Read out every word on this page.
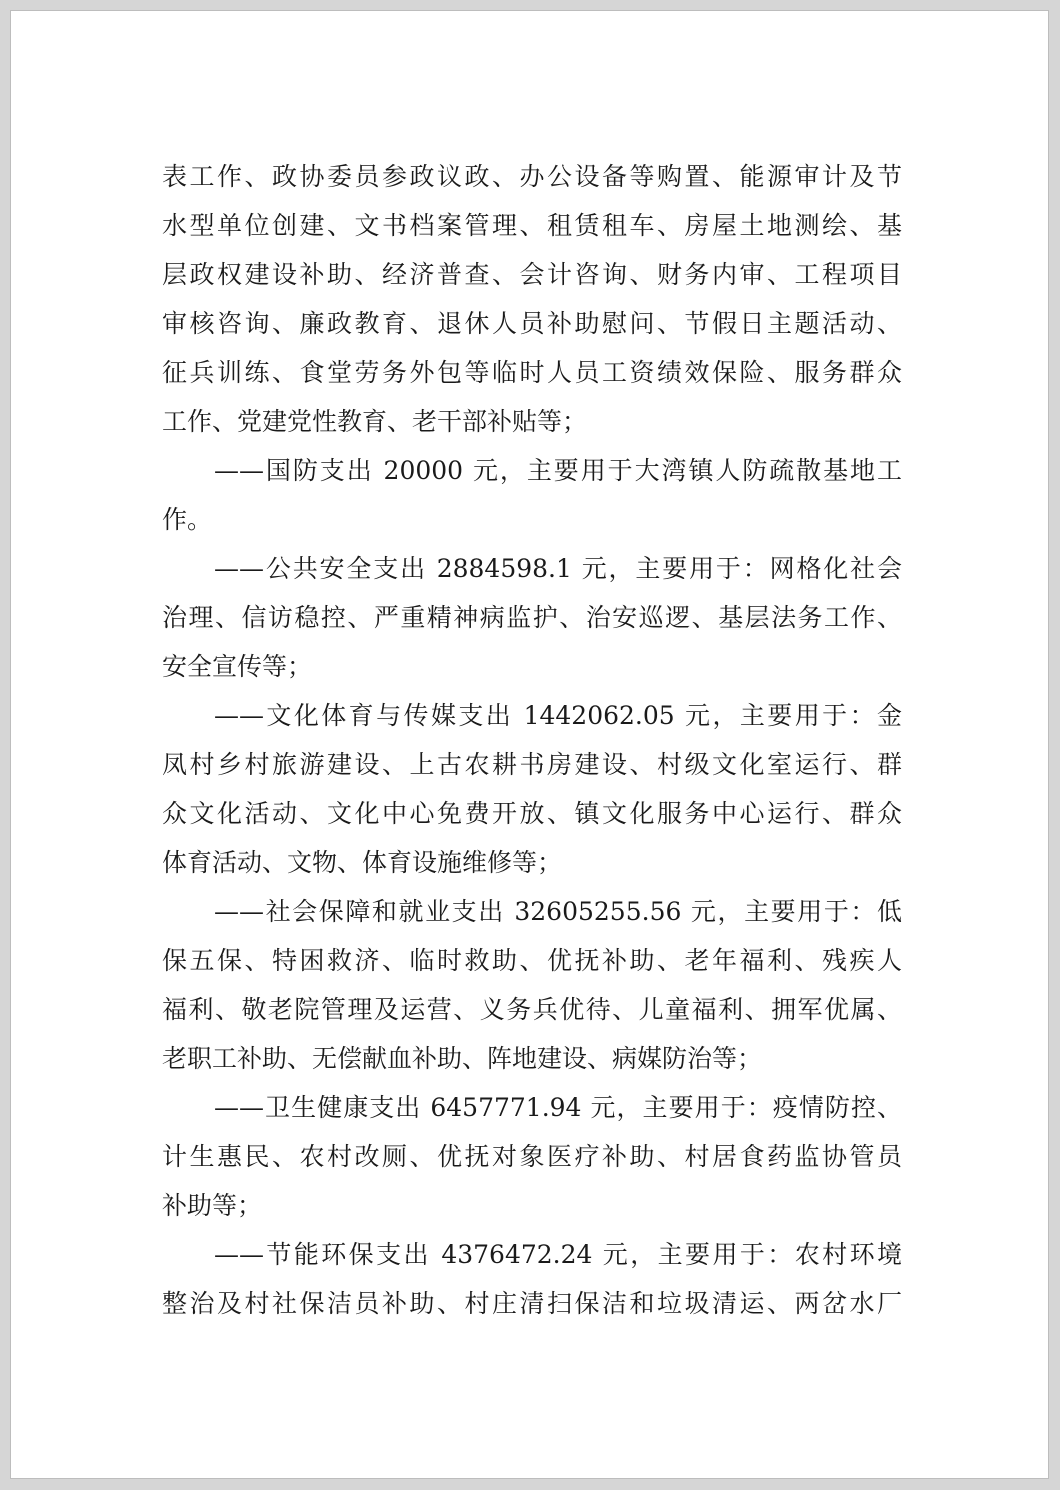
表工作、政协委员参政议政、办公设备等购置、能源审计及节
水型单位创建、文书档案管理、租赁租车、房屋土地测绘、基
层政权建设补助、经济普查、会计咨询、财务内审、工程项目
审核咨询、廉政教育、退休人员补助慰问、节假日主题活动、
征兵训练、食堂劳务外包等临时人员工资绩效保险、服务群众
工作、党建党性教育、老干部补贴等；
——国防支出 20000 元，主要用于大湾镇人防疏散基地工
作。
——公共安全支出 2884598.1 元，主要用于：网格化社会
治理、信访稳控、严重精神病监护、治安巡逻、基层法务工作、
安全宣传等；
——文化体育与传媒支出 1442062.05 元，主要用于：金
凤村乡村旅游建设、上古农耕书房建设、村级文化室运行、群
众文化活动、文化中心免费开放、镇文化服务中心运行、群众
体育活动、文物、体育设施维修等；
——社会保障和就业支出 32605255.56 元，主要用于：低
保五保、特困救济、临时救助、优抚补助、老年福利、残疾人
福利、敬老院管理及运营、义务兵优待、儿童福利、拥军优属、
老职工补助、无偿献血补助、阵地建设、病媒防治等；
——卫生健康支出 6457771.94 元，主要用于：疫情防控、
计生惠民、农村改厕、优抚对象医疗补助、村居食药监协管员
补助等；
——节能环保支出 4376472.24 元，主要用于：农村环境
整治及村社保洁员补助、村庄清扫保洁和垃圾清运、两岔水厂
